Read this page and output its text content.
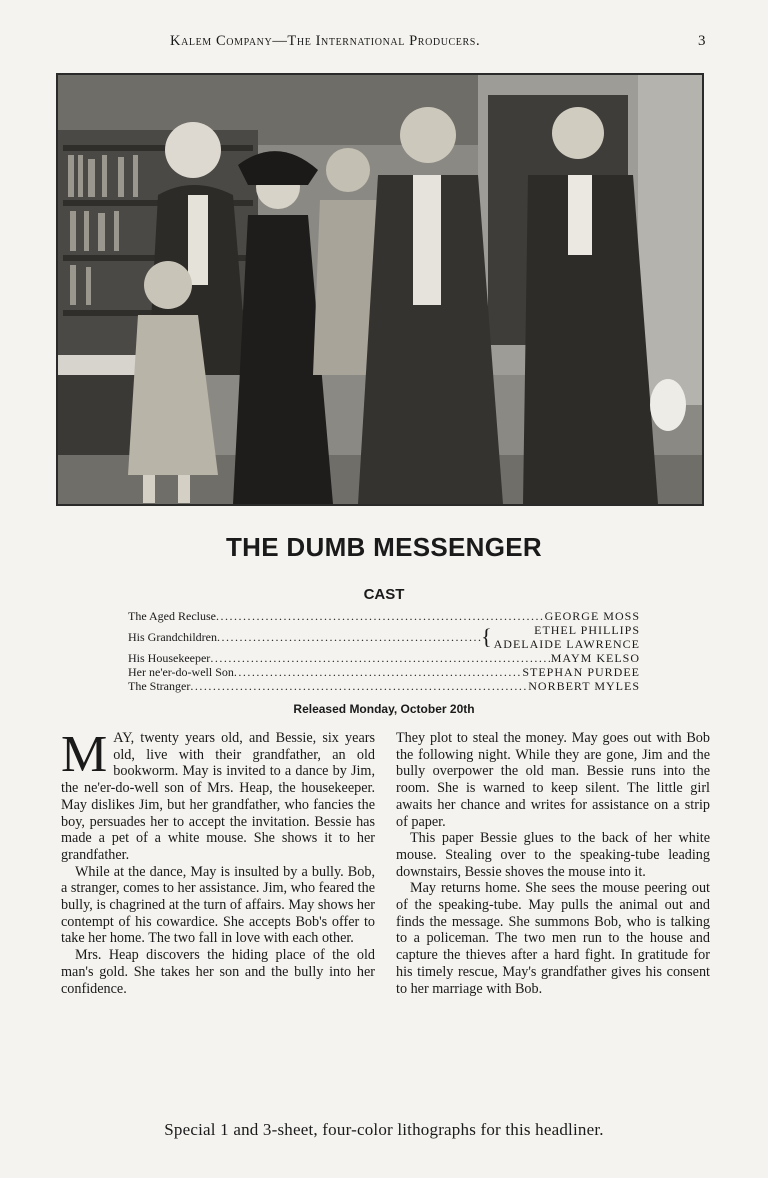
Kalem Company—The International Producers.	3
THE DUMB MESSENGER
CAST
The Aged Recluse .....	GEORGE MOSS
His Grandchildren .....	{	ETHEL PHILLIPS
ADELAIDE LAWRENCE
His Housekeeper .....	MAYM KELSO
Her ne'er-do-well Son .....	STEPHAN PURDEE
The Stranger .....	NORBERT MYLES
Released Monday, October 20th

MAY, twenty years old, and Bessie, six years old, live with their grandfather, an old bookworm. May is invited to a dance by Jim, the ne'er-do-well son of Mrs. Heap, the housekeeper. May dislikes Jim, but her grandfather, who fancies the boy, persuades her to accept the invitation. Bessie has made a pet of a white mouse. She shows it to her grandfather.

While at the dance, May is insulted by a bully. Bob, a stranger, comes to her assistance. Jim, who feared the bully, is chagrined at the turn of affairs. May shows her contempt of his cowardice. She accepts Bob's offer to take her home. The two fall in love with each other.

Mrs. Heap discovers the hiding place of the old man's gold. She takes her son and the bully into her confidence.

They plot to steal the money. May goes out with Bob the following night. While they are gone, Jim and the bully overpower the old man. Bessie runs into the room. She is warned to keep silent. The little girl awaits her chance and writes for assistance on a strip of paper.

This paper Bessie glues to the back of her white mouse. Stealing over to the speaking-tube leading downstairs, Bessie shoves the mouse into it.

May returns home. She sees the mouse peering out of the speaking-tube. May pulls the animal out and finds the message. She summons Bob, who is talking to a policeman. The two men run to the house and capture the thieves after a hard fight. In gratitude for his timely rescue, May's grandfather gives his consent to her marriage with Bob.

Special 1 and 3-sheet, four-color lithographs for this headliner.
